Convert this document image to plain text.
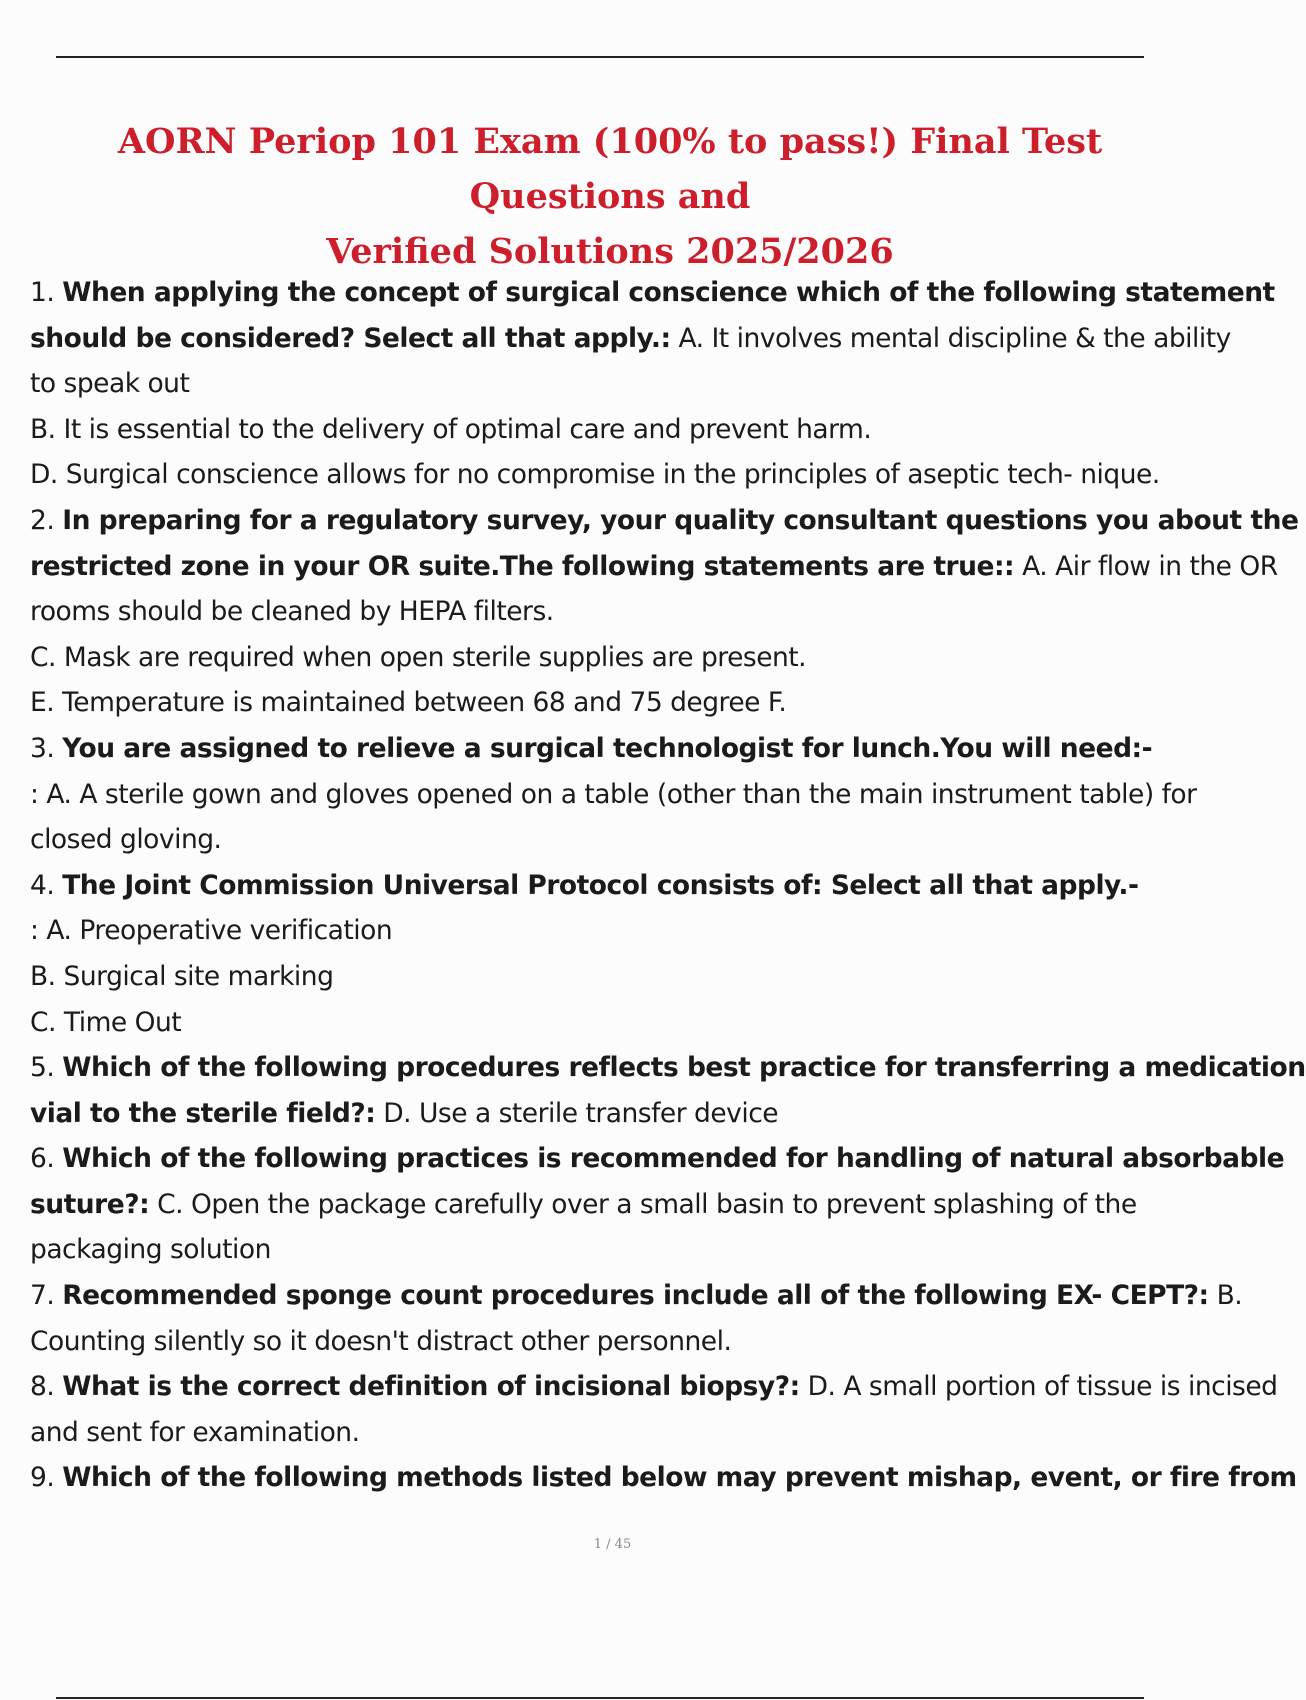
AORN Periop 101 Exam (100% to pass!) Final Test Questions and
Verified Solutions 2025/2026
1. When applying the concept of surgical conscience which of the following statement
should be considered? Select all that apply.: A. It involves mental discipline & the ability
to speak out
B. It is essential to the delivery of optimal care and prevent harm.
D. Surgical conscience allows for no compromise in the principles of aseptic tech- nique.
2. In preparing for a regulatory survey, your quality consultant questions you about the
restricted zone in your OR suite.The following statements are true:: A. Air flow in the OR
rooms should be cleaned by HEPA filters.
C. Mask are required when open sterile supplies are present.
E. Temperature is maintained between 68 and 75 degree F.
3. You are assigned to relieve a surgical technologist for lunch.You will need:-
: A. A sterile gown and gloves opened on a table (other than the main instrument table) for
closed gloving.
4. The Joint Commission Universal Protocol consists of: Select all that apply.-
: A. Preoperative verification
B. Surgical site marking
C. Time Out
5. Which of the following procedures reflects best practice for transferring a medication
vial to the sterile field?: D. Use a sterile transfer device
6. Which of the following practices is recommended for handling of natural absorbable
suture?: C. Open the package carefully over a small basin to prevent splashing of the
packaging solution
7. Recommended sponge count procedures include all of the following EX- CEPT?: B.
Counting silently so it doesn't distract other personnel.
8. What is the correct definition of incisional biopsy?: D. A small portion of tissue is incised
and sent for examination.
9. Which of the following methods listed below may prevent mishap, event, or fire from
1 / 45
